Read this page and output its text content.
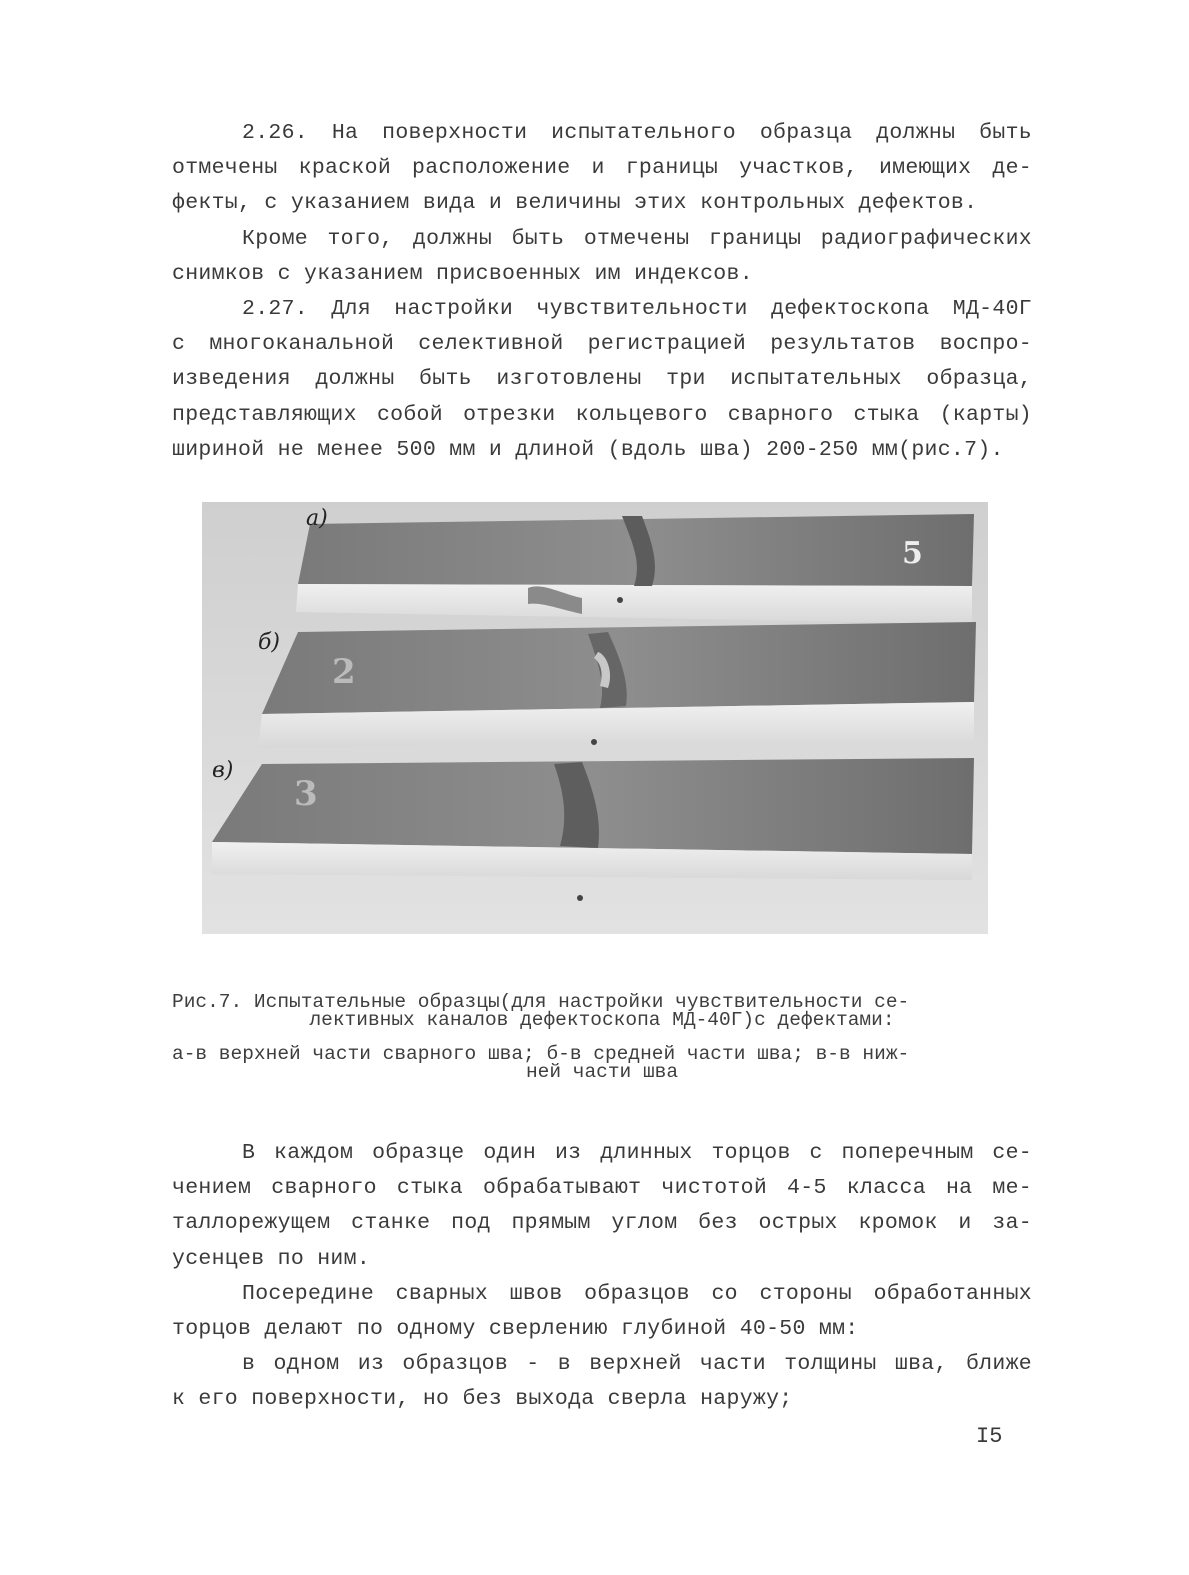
2.26. На поверхности испытательного образца должны быть
отмечены краской расположение и границы участков, имеющих де-
фекты, с указанием вида и величины этих контрольных дефектов.
Кроме того, должны быть отмечены границы радиографических
снимков с указанием присвоенных им индексов.
2.27. Для настройки чувствительности дефектоскопа МД-40Г
с многоканальной селективной регистрацией результатов воспро-
изведения должны быть изготовлены три испытательных образца,
представляющих собой отрезки кольцевого сварного стыка (карты)
шириной не менее 500 мм и длиной (вдоль шва) 200-250 мм(рис.7).
а)
б)
в)
5
2
3
Рис.7. Испытательные образцы(для настройки чувствительности се-
лективных каналов дефектоскопа МД-40Г)с дефектами:
а-в верхней части сварного шва; б-в средней части шва; в-в ниж-
ней части шва
В каждом образце один из длинных торцов с поперечным се-
чением сварного стыка обрабатывают чистотой 4-5 класса на ме-
таллорежущем станке под прямым углом без острых кромок и за-
усенцев по ним.
Посередине сварных швов образцов со стороны обработанных
торцов делают по одному сверлению глубиной 40-50 мм:
в одном из образцов - в верхней части толщины шва, ближе
к его поверхности, но без выхода сверла наружу;
I5
